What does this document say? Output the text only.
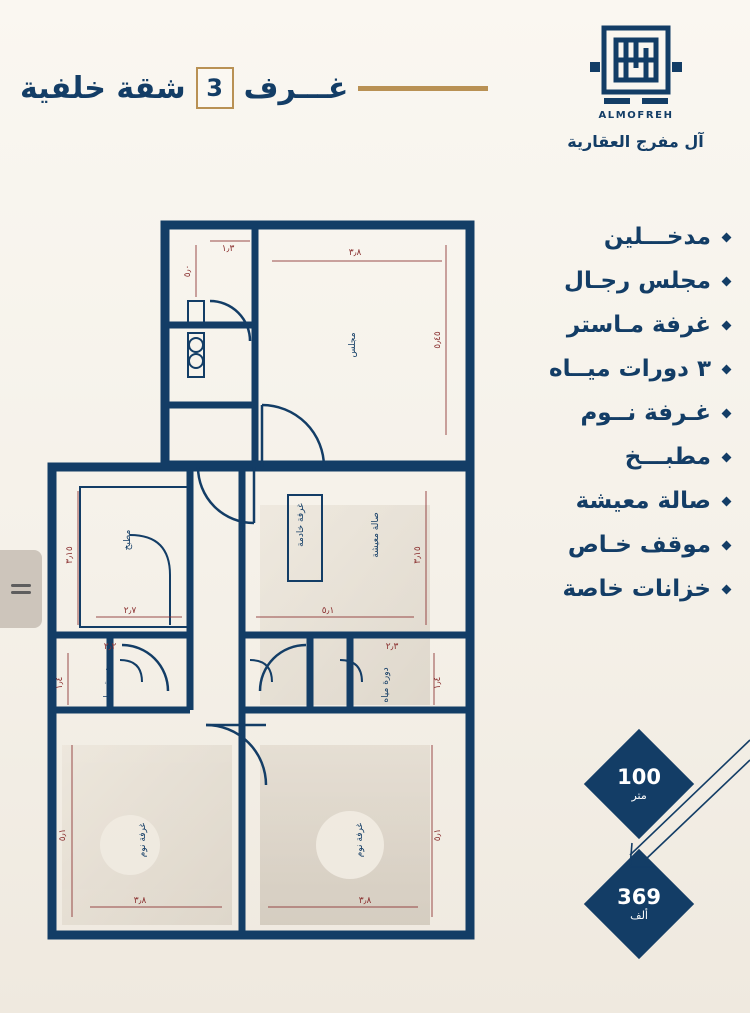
ALMOFREH
آل مفرج العقارية
شقة خلفية 3 غـــرف
مدخـــلين
مجلس رجـال
غرفة مـاستر
٣ دورات ميــاه
غـرفة نــوم
مطبـــخ
صالة معيشة
موقف خـاص
خزانات خاصة
100
متر
369
ألف
مجلس
مطبخ	صالة معيشة
غرفة خادمة
دورة مياه	دورة مياه
غرفة نوم	غرفة نوم
٣٫٨
١٫٣
٥٫٠
٥٫٤٥
٣٫١٥
٢٫٧
٣٫١٥
٥٫١
٢٫٢	٢٫٣
١٫٤	١٫٤
٥٫١	٥٫١
٣٫٨	٣٫٨
